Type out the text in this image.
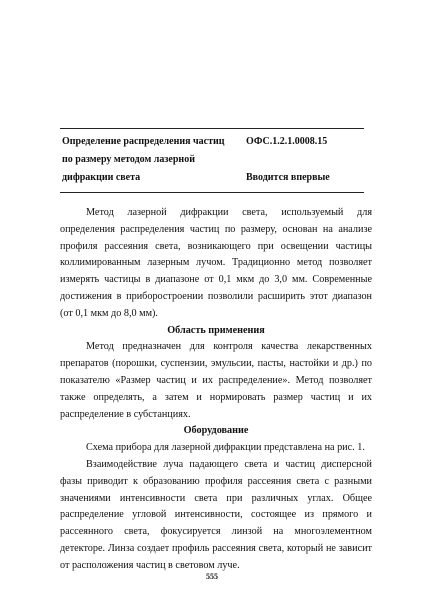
Определение распределения частиц по размеру методом лазерной дифракции света
ОФС.1.2.1.0008.15
Вводится впервые

Метод лазерной дифракции света, используемый для определения распределения частиц по размеру, основан на анализе профиля рассеяния света, возникающего при освещении частицы коллимированным лазерным лучом. Традиционно метод позволяет измерять частицы в диапазоне от 0,1 мкм до 3,0 мм. Современные достижения в приборостроении позволили расширить этот диапазон (от 0,1 мкм до 8,0 мм).

Область применения

Метод предназначен для контроля качества лекарственных препаратов (порошки, суспензии, эмульсии, пасты, настойки и др.) по показателю «Размер частиц и их распределение». Метод позволяет также определять, а затем и нормировать размер частиц и их распределение в субстанциях.

Оборудование

Схема прибора для лазерной дифракции представлена на рис. 1.

Взаимодействие луча падающего света и частиц дисперсной фазы приводит к образованию профиля рассеяния света с разными значениями интенсивности света при различных углах. Общее распределение угловой интенсивности, состоящее из прямого и рассеянного света, фокусируется линзой на многоэлементном детекторе. Линза создает профиль рассеяния света, который не зависит от расположения частиц в световом луче.

555
